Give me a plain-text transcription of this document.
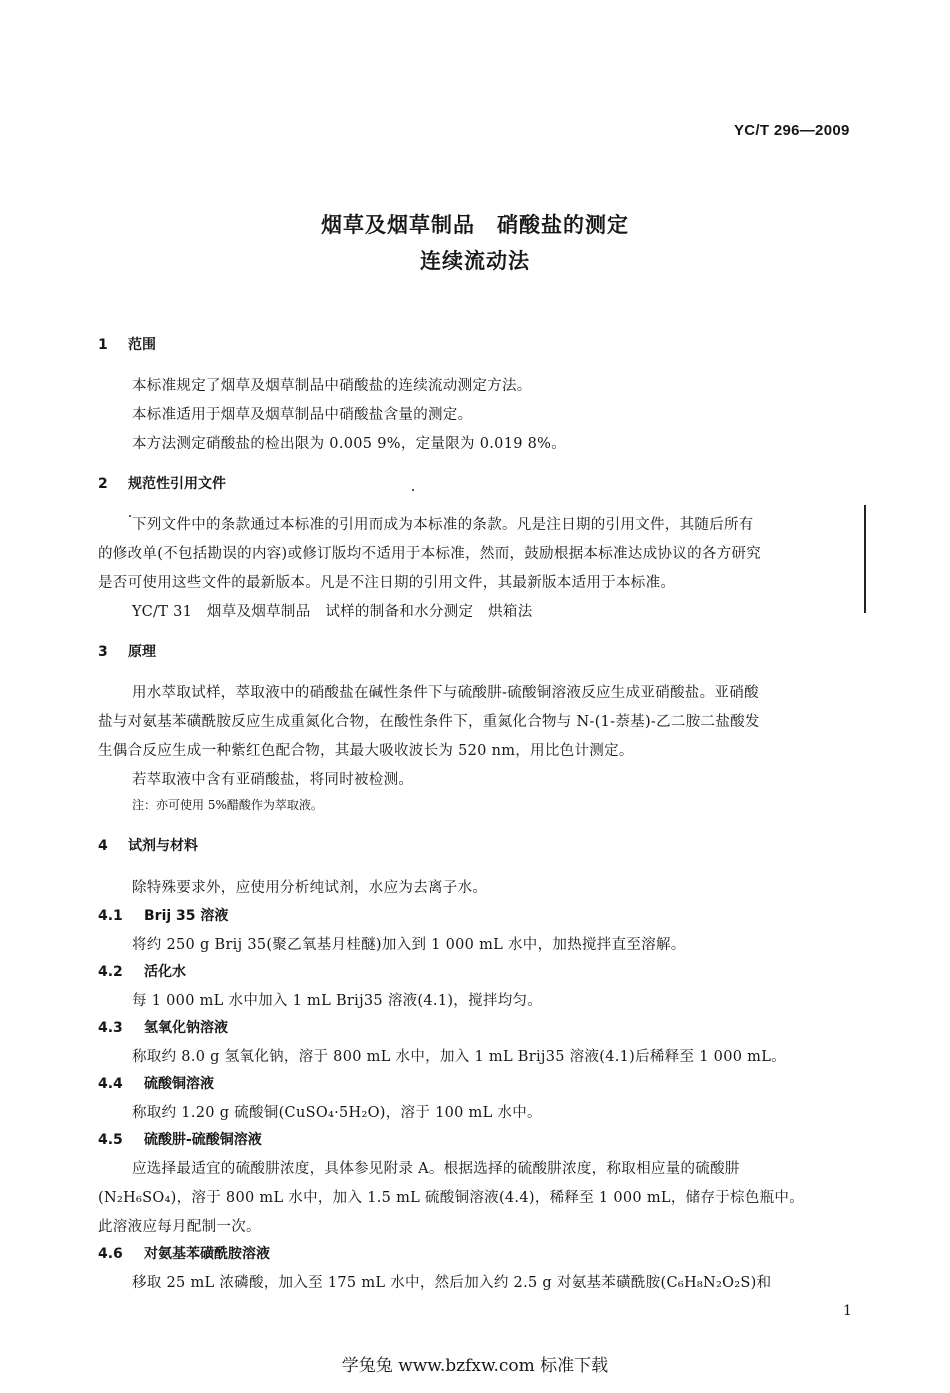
YC/T 296—2009
烟草及烟草制品　硝酸盐的测定
连续流动法
1 范围
本标准规定了烟草及烟草制品中硝酸盐的连续流动测定方法。
本标准适用于烟草及烟草制品中硝酸盐含量的测定。
本方法测定硝酸盐的检出限为 0.005 9%，定量限为 0.019 8%。
2 规范性引用文件
下列文件中的条款通过本标准的引用而成为本标准的条款。凡是注日期的引用文件，其随后所有
的修改单(不包括勘误的内容)或修订版均不适用于本标准，然而，鼓励根据本标准达成协议的各方研究
是否可使用这些文件的最新版本。凡是不注日期的引用文件，其最新版本适用于本标准。
YC/T 31　烟草及烟草制品　试样的制备和水分测定　烘箱法
3 原理
用水萃取试样，萃取液中的硝酸盐在碱性条件下与硫酸肼-硫酸铜溶液反应生成亚硝酸盐。亚硝酸
盐与对氨基苯磺酰胺反应生成重氮化合物，在酸性条件下，重氮化合物与 N-(1-萘基)-乙二胺二盐酸发
生偶合反应生成一种紫红色配合物，其最大吸收波长为 520 nm，用比色计测定。
若萃取液中含有亚硝酸盐，将同时被检测。
注：亦可使用 5%醋酸作为萃取液。
4 试剂与材料
除特殊要求外，应使用分析纯试剂，水应为去离子水。
4.1 Brij 35 溶液
将约 250 g Brij 35(聚乙氧基月桂醚)加入到 1 000 mL 水中，加热搅拌直至溶解。
4.2 活化水
每 1 000 mL 水中加入 1 mL Brij35 溶液(4.1)，搅拌均匀。
4.3 氢氧化钠溶液
称取约 8.0 g 氢氧化钠，溶于 800 mL 水中，加入 1 mL Brij35 溶液(4.1)后稀释至 1 000 mL。
4.4 硫酸铜溶液
称取约 1.20 g 硫酸铜(CuSO₄·5H₂O)，溶于 100 mL 水中。
4.5 硫酸肼-硫酸铜溶液
应选择最适宜的硫酸肼浓度，具体参见附录 A。根据选择的硫酸肼浓度，称取相应量的硫酸肼
(N₂H₆SO₄)，溶于 800 mL 水中，加入 1.5 mL 硫酸铜溶液(4.4)，稀释至 1 000 mL，储存于棕色瓶中。
此溶液应每月配制一次。
4.6 对氨基苯磺酰胺溶液
移取 25 mL 浓磷酸，加入至 175 mL 水中，然后加入约 2.5 g 对氨基苯磺酰胺(C₆H₈N₂O₂S)和
1
学兔兔 www.bzfxw.com 标准下载
